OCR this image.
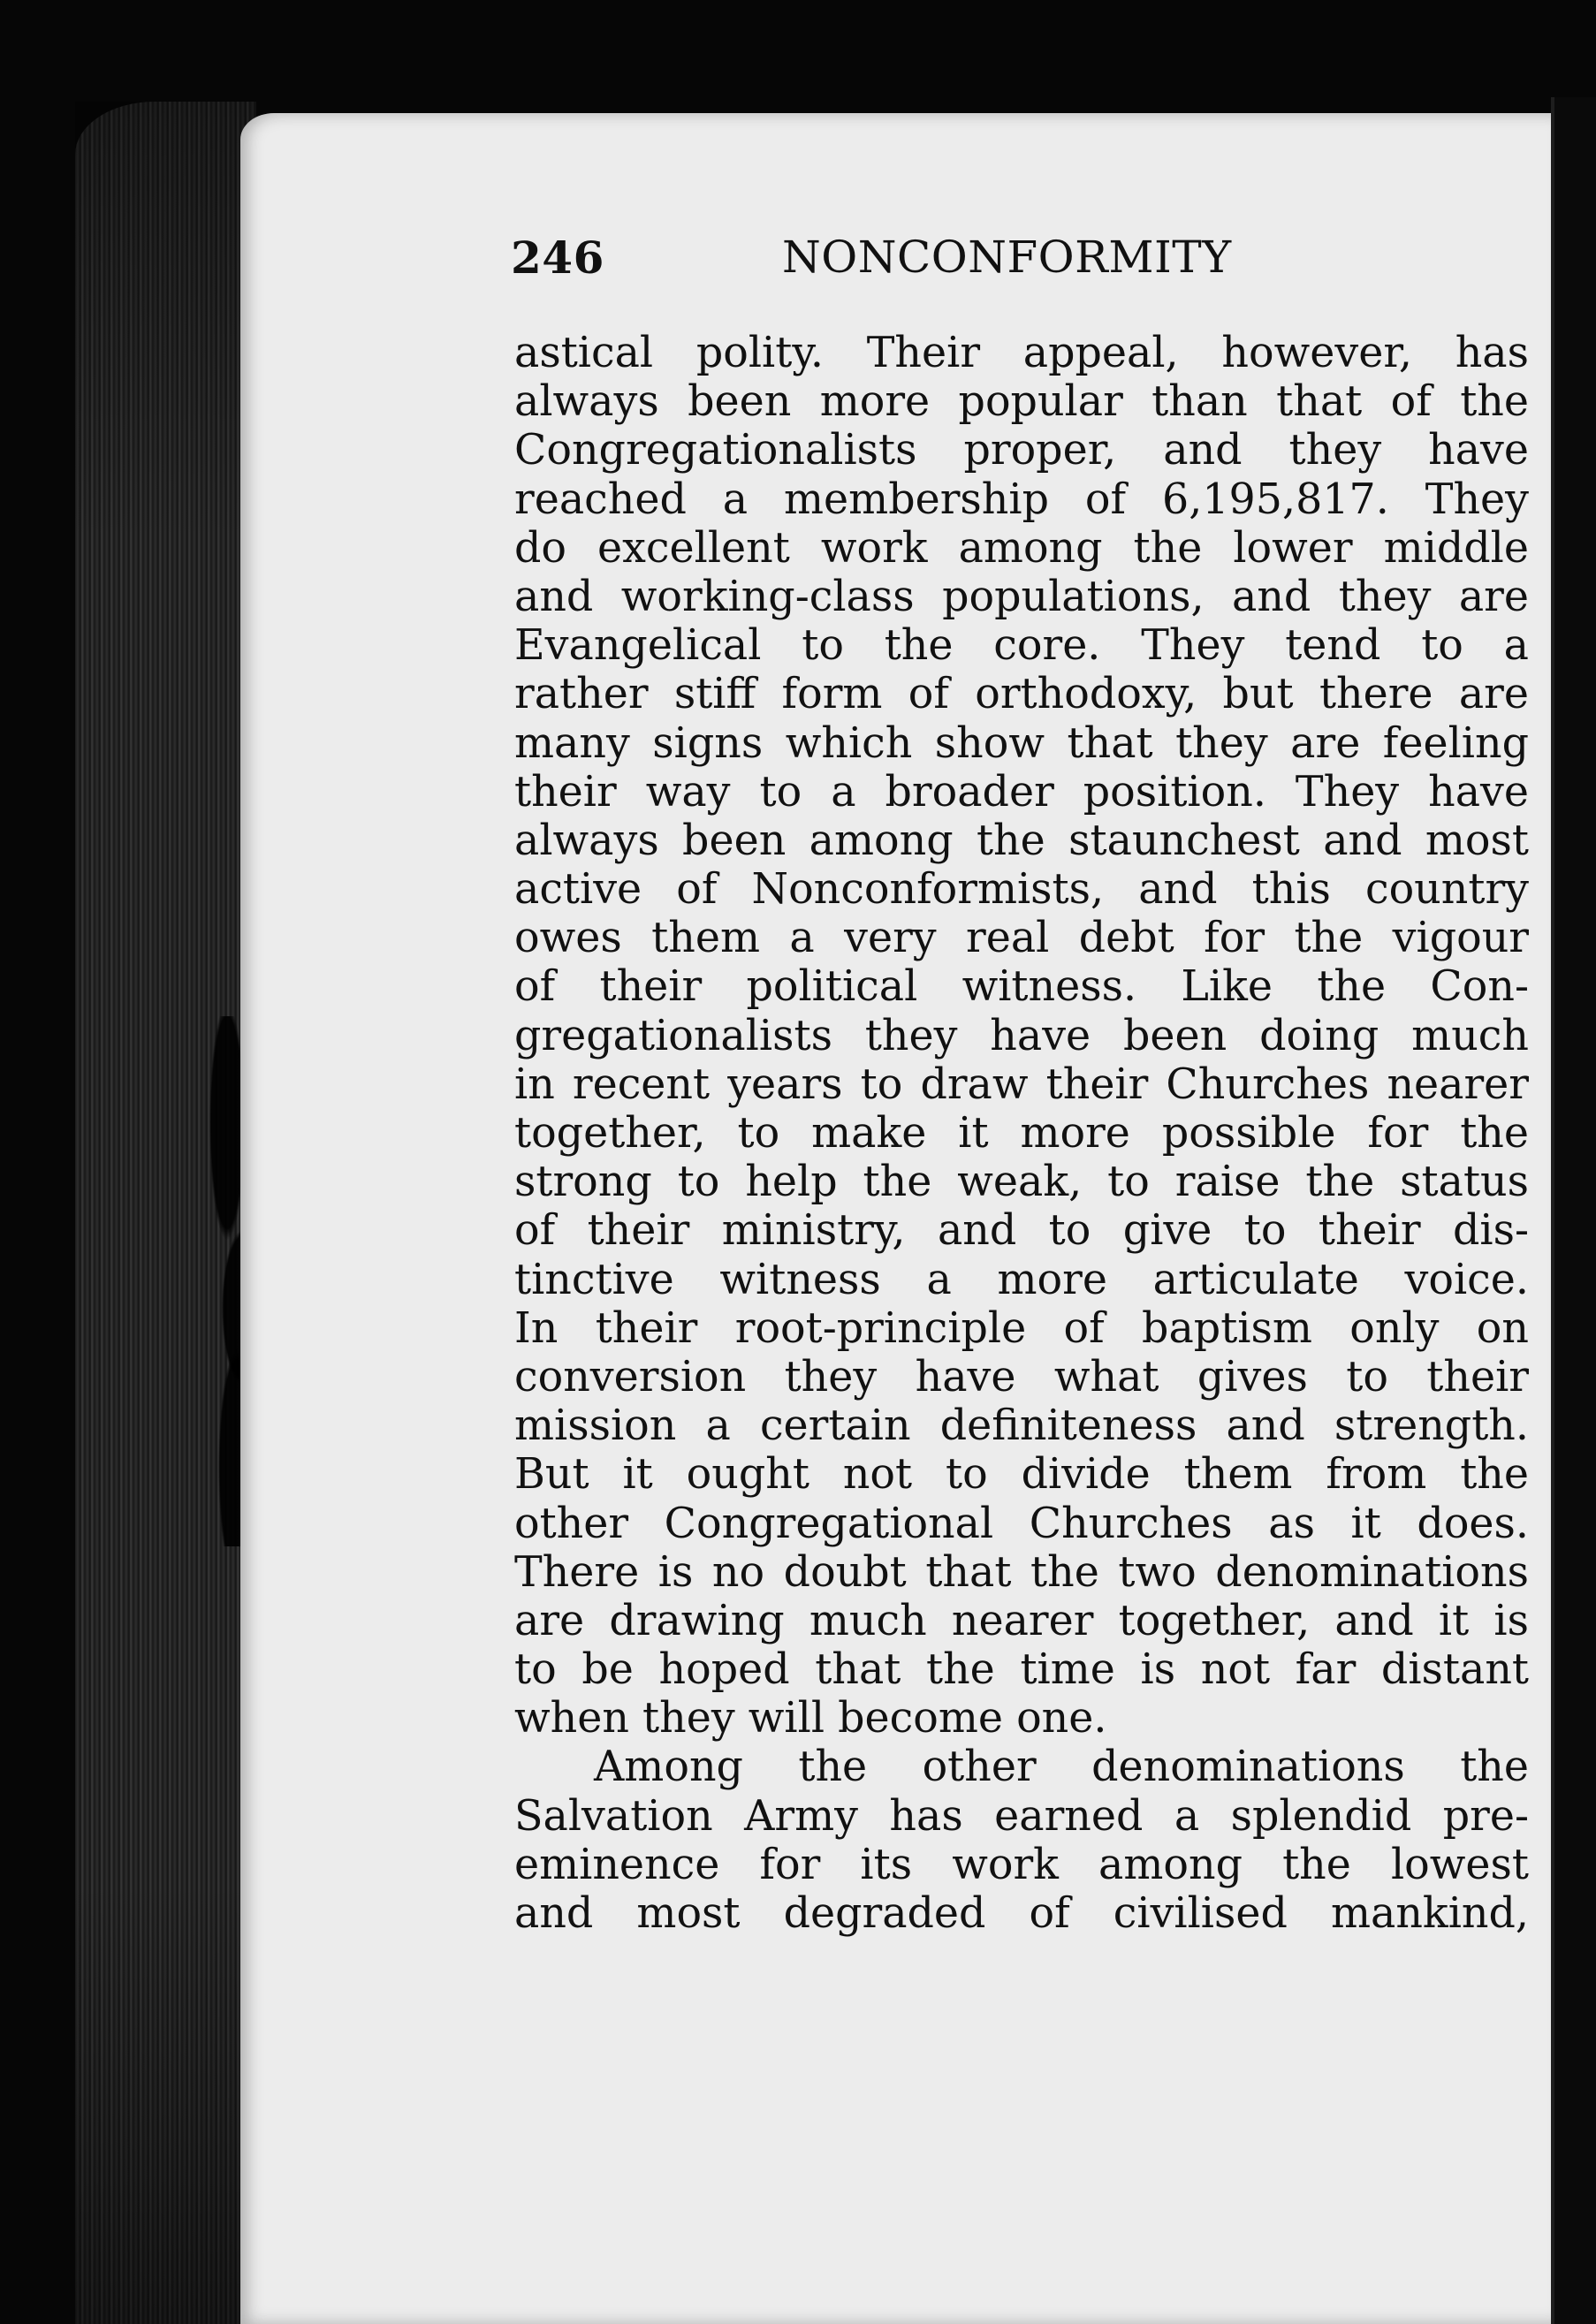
246	NONCONFORMITY
astical polity. Their appeal, however, has
always been more popular than that of the
Congregationalists proper, and they have
reached a membership of 6,195,817. They
do excellent work among the lower middle
and working-class populations, and they are
Evangelical to the core. They tend to a
rather stiff form of orthodoxy, but there are
many signs which show that they are feeling
their way to a broader position. They have
always been among the staunchest and most
active of Nonconformists, and this country
owes them a very real debt for the vigour
of their political witness. Like the Con-
gregationalists they have been doing much
in recent years to draw their Churches nearer
together, to make it more possible for the
strong to help the weak, to raise the status
of their ministry, and to give to their dis-
tinctive witness a more articulate voice.
In their root-principle of baptism only on
conversion they have what gives to their
mission a certain definiteness and strength.
But it ought not to divide them from the
other Congregational Churches as it does.
There is no doubt that the two denominations
are drawing much nearer together, and it is
to be hoped that the time is not far distant
when they will become one.
Among the other denominations the
Salvation Army has earned a splendid pre-
eminence for its work among the lowest
and most degraded of civilised mankind,
